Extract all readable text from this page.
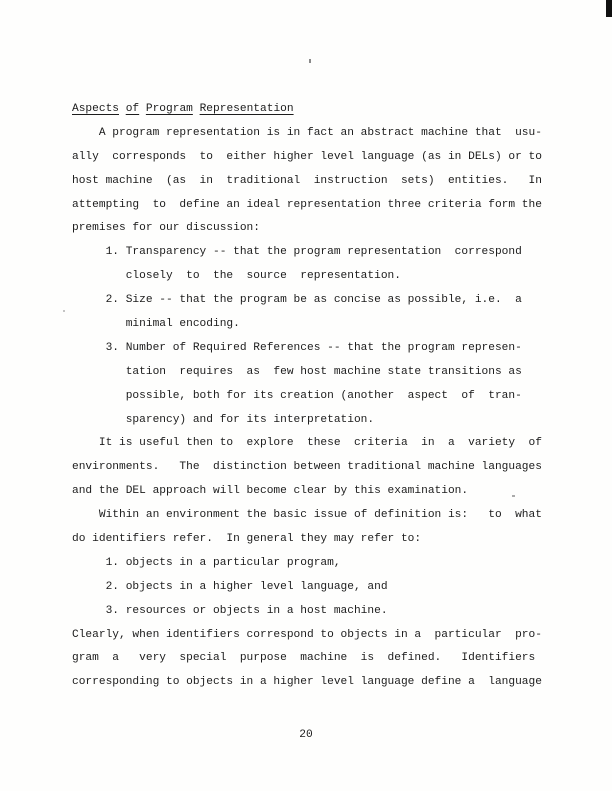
Aspects of Program Representation
A program representation is in fact an abstract machine that  usu-
ally  corresponds  to  either higher level language (as in DELs) or to
host machine  (as  in  traditional  instruction  sets)  entities.   In
attempting  to  define an ideal representation three criteria form the
premises for our discussion:
1. Transparency -- that the program representation  correspond
closely  to  the  source  representation.
2. Size -- that the program be as concise as possible, i.e.  a
minimal encoding.
3. Number of Required References -- that the program represen-
tation  requires  as  few host machine state transitions as
possible, both for its creation (another  aspect  of  tran-
sparency) and for its interpretation.
It is useful then to  explore  these  criteria  in  a  variety  of
environments.   The  distinction between traditional machine languages
and the DEL approach will become clear by this examination.
Within an environment the basic issue of definition is:   to  what
do identifiers refer.  In general they may refer to:
1. objects in a particular program,
2. objects in a higher level language, and
3. resources or objects in a host machine.
Clearly, when identifiers correspond to objects in a  particular  pro-
gram  a   very  special  purpose  machine  is  defined.   Identifiers
corresponding to objects in a higher level language define a  language
20
